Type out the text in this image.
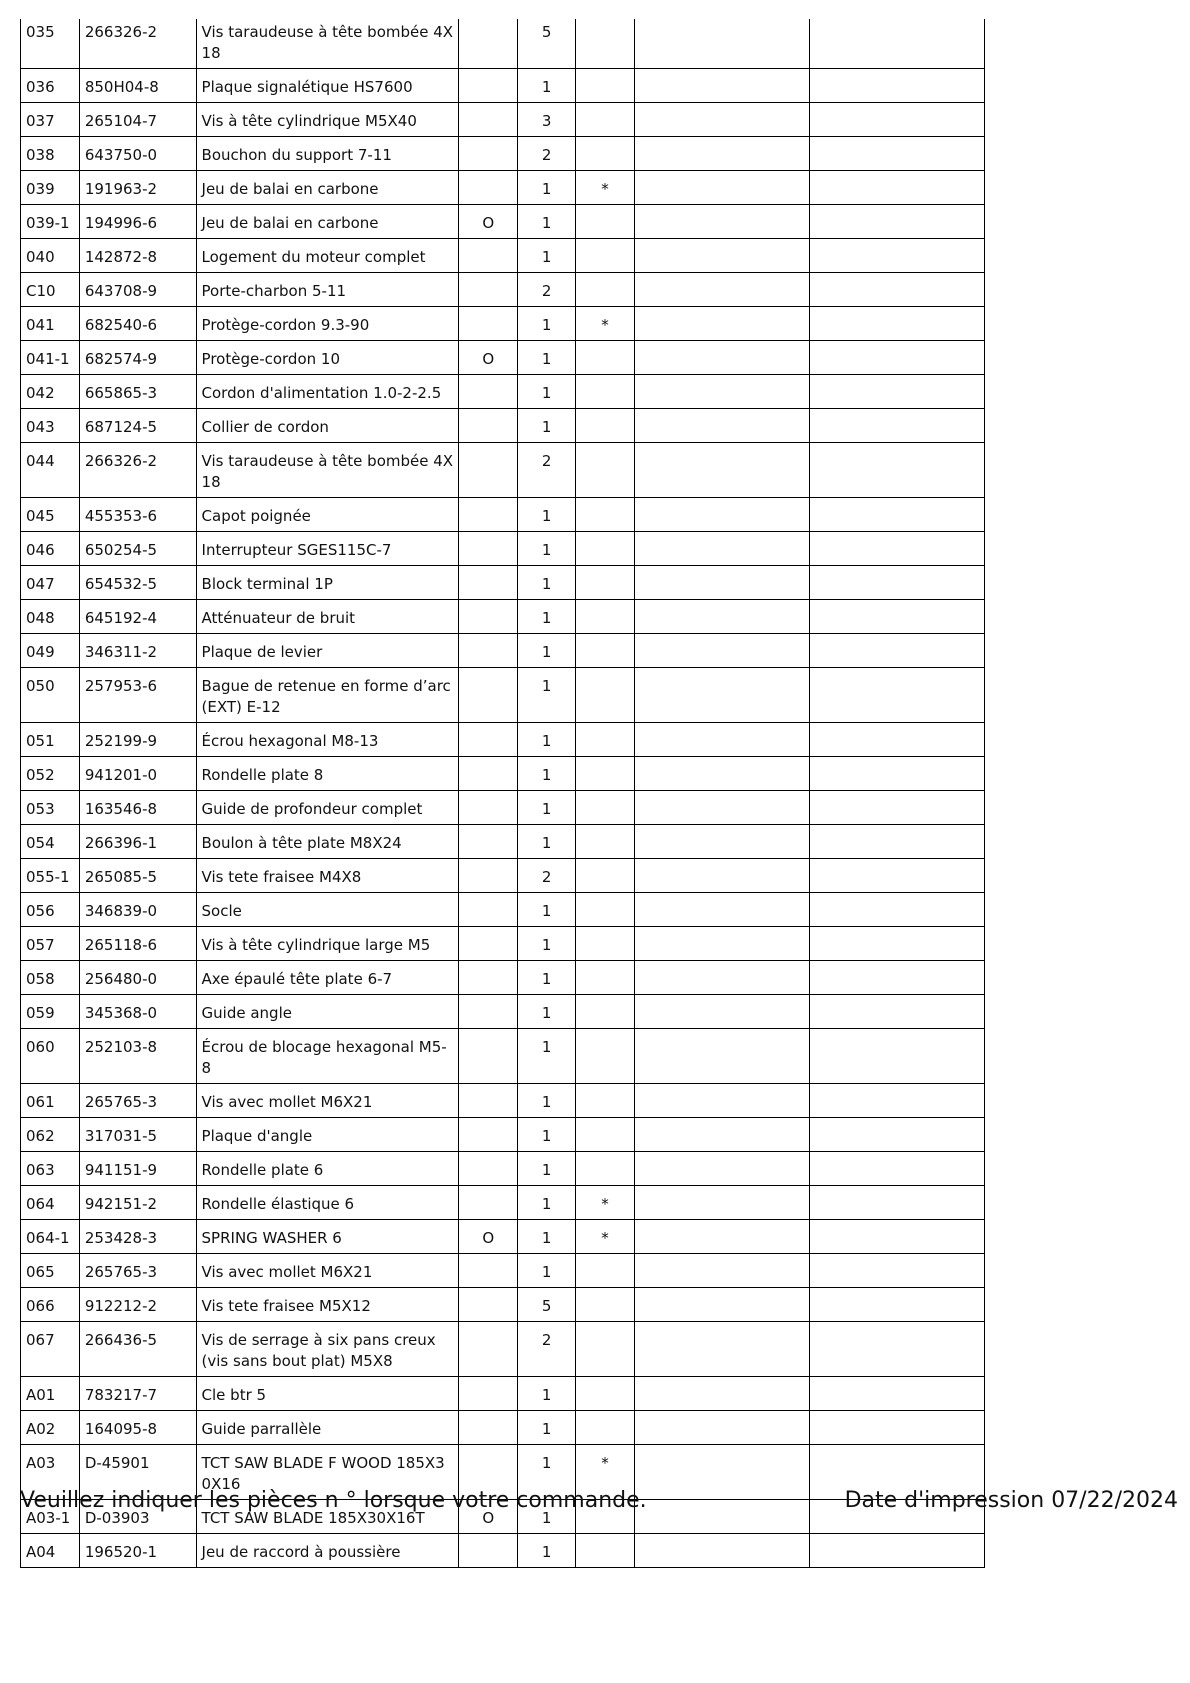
035	266326-2	Vis taraudeuse à tête bombée 4X 18		5			
036	850H04-8	Plaque signalétique HS7600		1			
037	265104-7	Vis à tête cylindrique M5X40		3			
038	643750-0	Bouchon du support 7-11		2			
039	191963-2	Jeu de balai en carbone		1	*		
039-1	194996-6	Jeu de balai en carbone	O	1			
040	142872-8	Logement du moteur complet		1			
C10	643708-9	Porte-charbon 5-11		2			
041	682540-6	Protège-cordon 9.3-90		1	*		
041-1	682574-9	Protège-cordon 10	O	1			
042	665865-3	Cordon d'alimentation 1.0-2-2.5		1			
043	687124-5	Collier de cordon		1			
044	266326-2	Vis taraudeuse à tête bombée 4X 18		2			
045	455353-6	Capot poignée		1			
046	650254-5	Interrupteur SGES115C-7		1			
047	654532-5	Block terminal 1P		1			
048	645192-4	Atténuateur de bruit		1			
049	346311-2	Plaque de levier		1			
050	257953-6	Bague de retenue en forme d’arc (EXT) E-12		1			
051	252199-9	Écrou hexagonal M8-13		1			
052	941201-0	Rondelle plate 8		1			
053	163546-8	Guide de profondeur complet		1			
054	266396-1	Boulon à tête plate M8X24		1			
055-1	265085-5	Vis tete fraisee M4X8		2			
056	346839-0	Socle		1			
057	265118-6	Vis à tête cylindrique large M5		1			
058	256480-0	Axe épaulé tête plate 6-7		1			
059	345368-0	Guide angle		1			
060	252103-8	Écrou de blocage hexagonal M5-8		1			
061	265765-3	Vis avec mollet M6X21		1			
062	317031-5	Plaque d'angle		1			
063	941151-9	Rondelle plate 6		1			
064	942151-2	Rondelle élastique 6		1	*		
064-1	253428-3	SPRING WASHER 6	O	1	*		
065	265765-3	Vis avec mollet M6X21		1			
066	912212-2	Vis tete fraisee M5X12		5			
067	266436-5	Vis de serrage à six pans creux (vis sans bout plat) M5X8		2			
A01	783217-7	Cle btr 5		1			
A02	164095-8	Guide parrallèle		1			
A03	D-45901	TCT SAW BLADE F WOOD 185X30X16		1	*		
A03-1	D-03903	TCT SAW BLADE 185X30X16T	O	1			
A04	196520-1	Jeu de raccord à poussière		1			
Veuillez indiquer les pièces n ° lorsque votre commande.	Date d'impression 07/22/2024
